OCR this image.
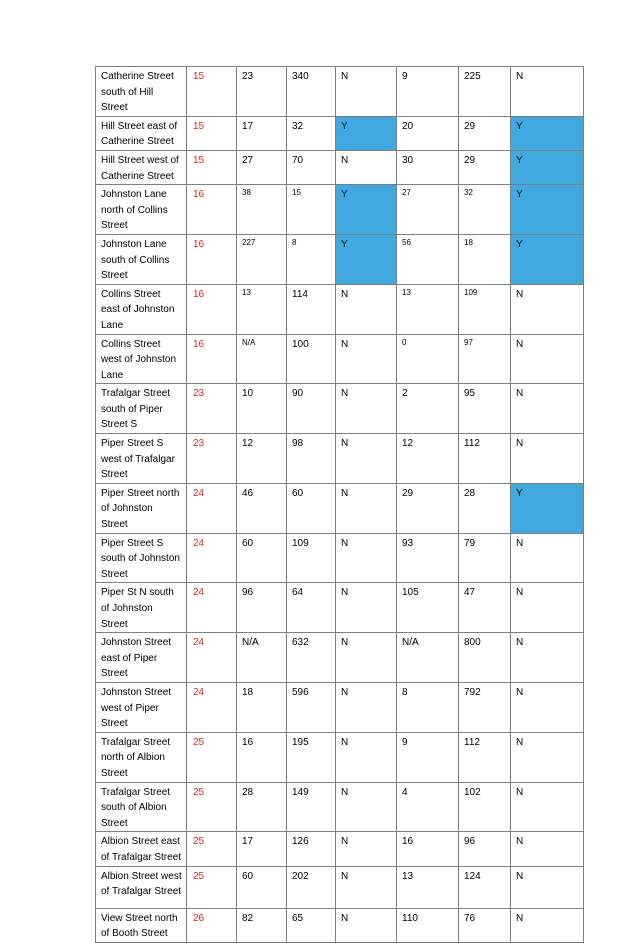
Catherine Street south of Hill Street	15	23	340	N	9	225	N
Hill Street east of Catherine Street	15	17	32	Y	20	29	Y
Hill Street west of Catherine Street	15	27	70	N	30	29	Y
Johnston Lane north of Collins Street	16	38	15	Y	27	32	Y
Johnston Lane south of Collins Street	16	227	8	Y	56	18	Y
Collins Street east of Johnston Lane	16	13	114	N	13	109	N
Collins Street west of Johnston Lane	16	N/A	100	N	0	97	N
Trafalgar Street south of Piper Street S	23	10	90	N	2	95	N
Piper Street S west of Trafalgar Street	23	12	98	N	12	112	N
Piper Street north of Johnston Street	24	46	60	N	29	28	Y
Piper Street S south of Johnston Street	24	60	109	N	93	79	N
Piper St N south of Johnston Street	24	96	64	N	105	47	N
Johnston Street east of Piper Street	24	N/A	632	N	N/A	800	N
Johnston Street west of Piper Street	24	18	596	N	8	792	N
Trafalgar Street north of Albion Street	25	16	195	N	9	112	N
Trafalgar Street south of Albion Street	25	28	149	N	4	102	N
Albion Street east of Trafalgar Street	25	17	126	N	16	96	N
Albion Street west of Trafalgar Street	25	60	202	N	13	124	N
View Street north of Booth Street	26	82	65	N	110	76	N
